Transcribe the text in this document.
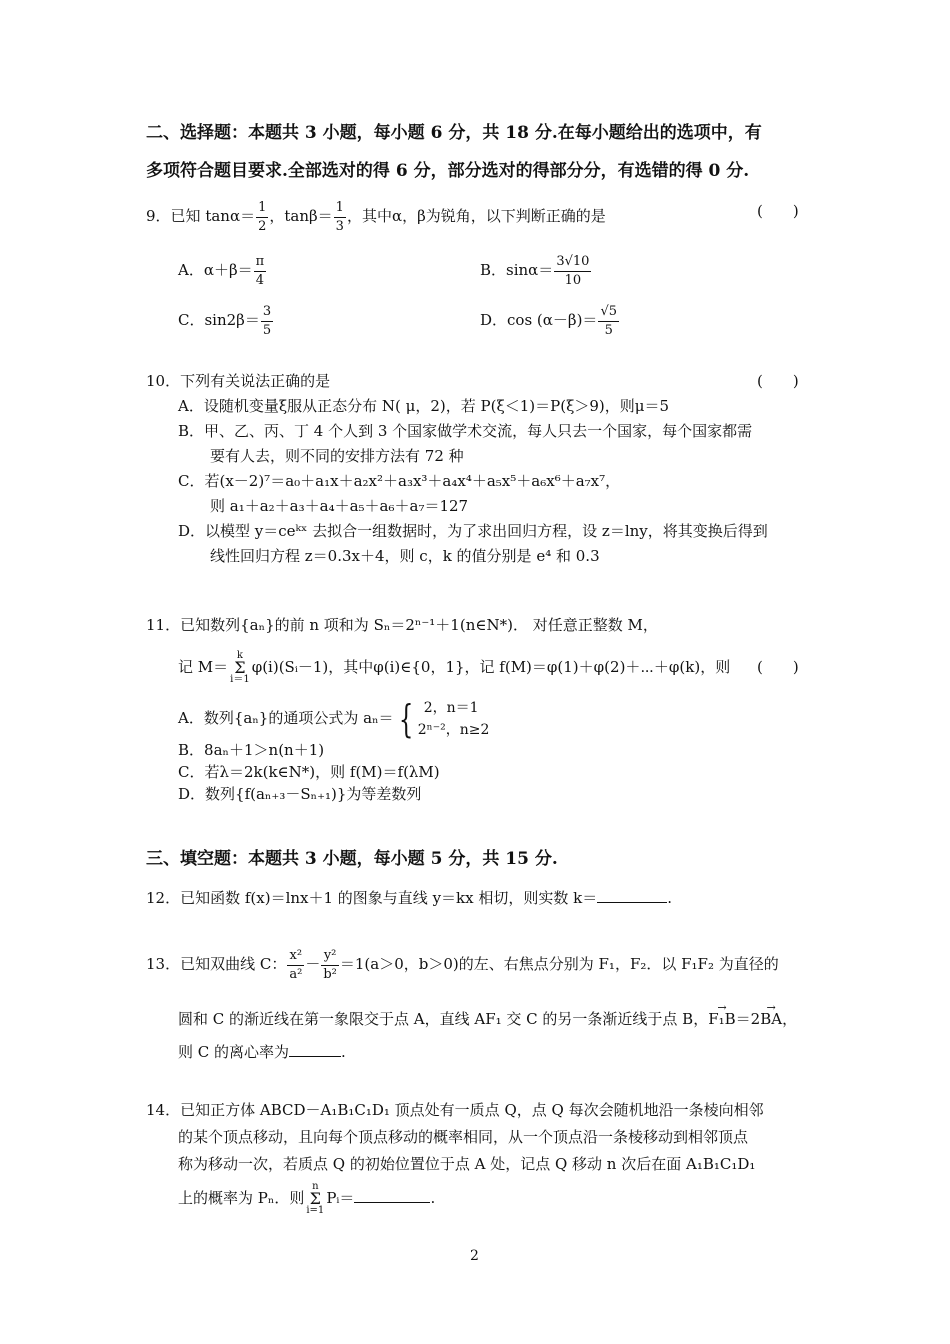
二、选择题：本题共 3 小题，每小题 6 分，共 18 分.在每小题给出的选项中，有
多项符合题目要求.全部选对的得 6 分，部分选对的得部分分，有选错的得 0 分.
9．已知 $\tan\alpha= \frac{1}{2}$ ，$\tan\beta= \frac{1}{3}$ ，其中α，β为锐角，以下判断正确的是	(　　)
A．$\alpha+\beta= \frac{\pi}{4}$	B．$\sin\alpha= \frac{3√10}{10}$
C．$\sin 2\beta= \frac{3}{5}$	D．$\cos (\alpha-\beta)= \frac{√5}{5}$
10．下列有关说法正确的是	(　　)
A．设随机变量ξ服从正态分布 N( μ，2)，若 P(ξ＜1)＝P(ξ＞9)，则μ＝5
B．甲、乙、丙、丁 4 个人到 3 个国家做学术交流，每人只去一个国家，每个国家都需
要有人去，则不同的安排方法有 72 种
C．若(x－2)⁷＝a₀＋a₁x＋a₂x²＋a₃x³＋a₄x⁴＋a₅x⁵＋a₆x⁶＋a₇x⁷，
则 a₁＋a₂＋a₃＋a₄＋a₅＋a₆＋a₇＝127
D．以模型 y＝ceᵏˣ 去拟合一组数据时，为了求出回归方程，设 z＝lny，将其变换后得到
线性回归方程 z＝0.3x＋4，则 c，k 的值分别是 e⁴ 和 0.3
11．已知数列{aₙ}的前 n 项和为 Sₙ＝2ⁿ⁻¹＋1(n∈N*)． 对任意正整数 M，
记 M＝
k
Σ
i＝1
φ(i)(Sᵢ－1)，其中φ(i)∈{0，1}，记 f(M)＝φ(1)＋φ(2)＋⋯＋φ(k)，则 (　　)
A．数列{aₙ}的通项公式为 aₙ＝ { 2，n＝1
2ⁿ⁻²，n≥2
B．8aₙ＋1＞n(n＋1)
C．若λ＝2k(k∈N*)，则 f(M)＝f(λM)
D．数列{f(aₙ₊₃－Sₙ₊₁)}为等差数列
三、填空题：本题共 3 小题，每小题 5 分，共 15 分.
12．已知函数 f(x)＝lnx＋1 的图象与直线 y＝kx 相切，则实数 k＝	.
13．已知双曲线 C： $\frac{\text{x²}}{\text{a²}} - \frac{\text{y²}}{\text{b²}} =1(a>0$，b＞0)的左、右焦点分别为 F₁，F₂．以 F₁F₂ 为直径的
圆和 C 的渐近线在第一象限交于点 A，直线 AF₁ 交 C 的另一条渐近线于点 B，→ F₁B＝2→ BA，
则 C 的离心率为	.
14．已知正方体 ABCD－A₁B₁C₁D₁ 顶点处有一质点 Q，点 Q 每次会随机地沿一条棱向相邻
的某个顶点移动，且向每个顶点移动的概率相同，从一个顶点沿一条棱移动到相邻顶点
称为移动一次，若质点 Q 的初始位置位于点 A 处，记点 Q 移动 n 次后在面 A₁B₁C₁D₁
上的概率为 Pₙ．则
n
Σ
i=1
Pᵢ＝	.
2
